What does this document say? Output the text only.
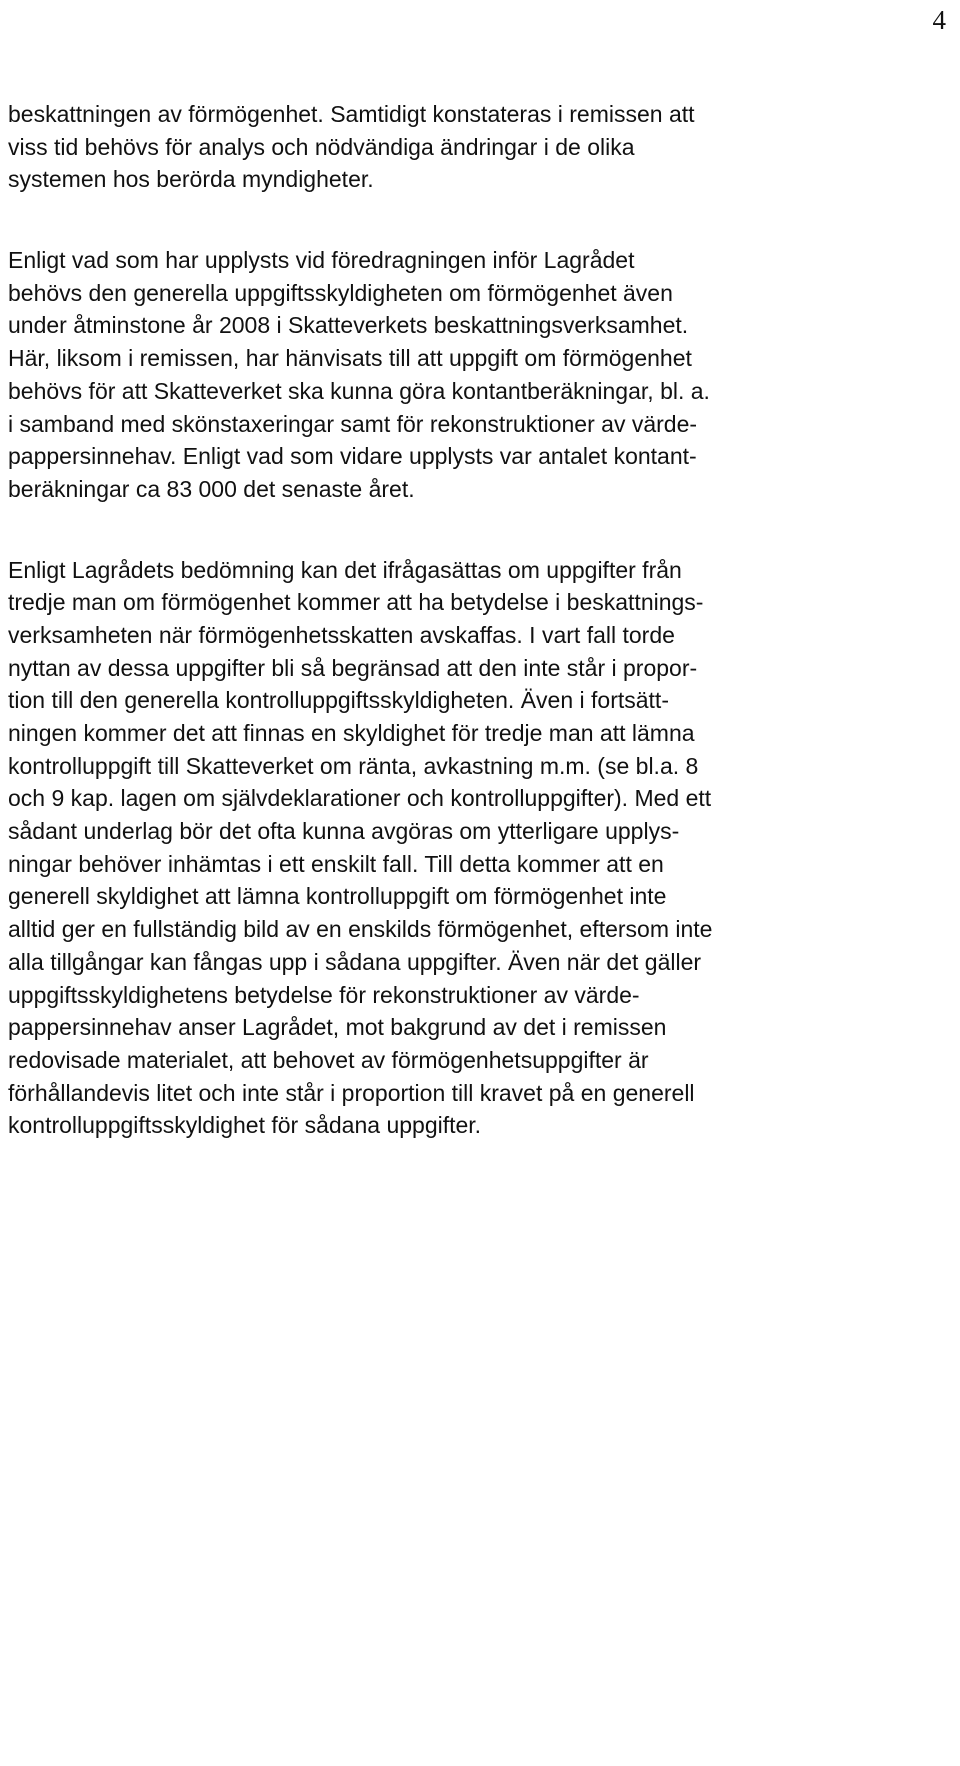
4
beskattningen av förmögenhet. Samtidigt konstateras i remissen att
viss tid behövs för analys och nödvändiga ändringar i de olika
systemen hos berörda myndigheter.
Enligt vad som har upplysts vid föredragningen inför Lagrådet
behövs den generella uppgiftsskyldigheten om förmögenhet även
under åtminstone år 2008 i Skatteverkets beskattningsverksamhet.
Här, liksom i remissen, har hänvisats till att uppgift om förmögenhet
behövs för att Skatteverket ska kunna göra kontantberäkningar, bl. a.
i samband med skönstaxeringar samt för rekonstruktioner av värde-
pappersinnehav. Enligt vad som vidare upplysts var antalet kontant-
beräkningar ca 83 000 det senaste året.
Enligt Lagrådets bedömning kan det ifrågasättas om uppgifter från
tredje man om förmögenhet kommer att ha betydelse i beskattnings-
verksamheten när förmögenhetsskatten avskaffas. I vart fall torde
nyttan av dessa uppgifter bli så begränsad att den inte står i propor-
tion till den generella kontrolluppgiftsskyldigheten. Även i fortsätt-
ningen kommer det att finnas en skyldighet för tredje man att lämna
kontrolluppgift till Skatteverket om ränta, avkastning m.m. (se bl.a. 8
och 9 kap. lagen om självdeklarationer och kontrolluppgifter). Med ett
sådant underlag bör det ofta kunna avgöras om ytterligare upplys-
ningar behöver inhämtas i ett enskilt fall. Till detta kommer att en
generell skyldighet att lämna kontrolluppgift om förmögenhet inte
alltid ger en fullständig bild av en enskilds förmögenhet, eftersom inte
alla tillgångar kan fångas upp i sådana uppgifter. Även när det gäller
uppgiftsskyldighetens betydelse för rekonstruktioner av värde-
pappersinnehav anser Lagrådet, mot bakgrund av det i remissen
redovisade materialet, att behovet av förmögenhetsuppgifter är
förhållandevis litet och inte står i proportion till kravet på en generell
kontrolluppgiftsskyldighet för sådana uppgifter.
